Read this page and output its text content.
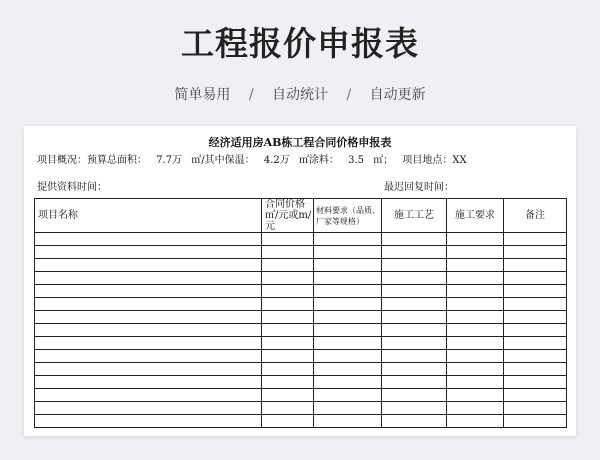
工程报价申报表
简单易用 / 自动统计 / 自动更新
经济适用房AB栋工程合同价格申报表
项目概况：预算总面积： 7.7万 ㎡/其中保温： 4.2万 ㎡涂料： 3.5 ㎡； 项目地点：XX
提供资料时间：	最迟回复时间：
项目名称	合同价格㎡/元或m/元	材料要求（品质、厂家等规格）	施工工艺	施工要求	备注
